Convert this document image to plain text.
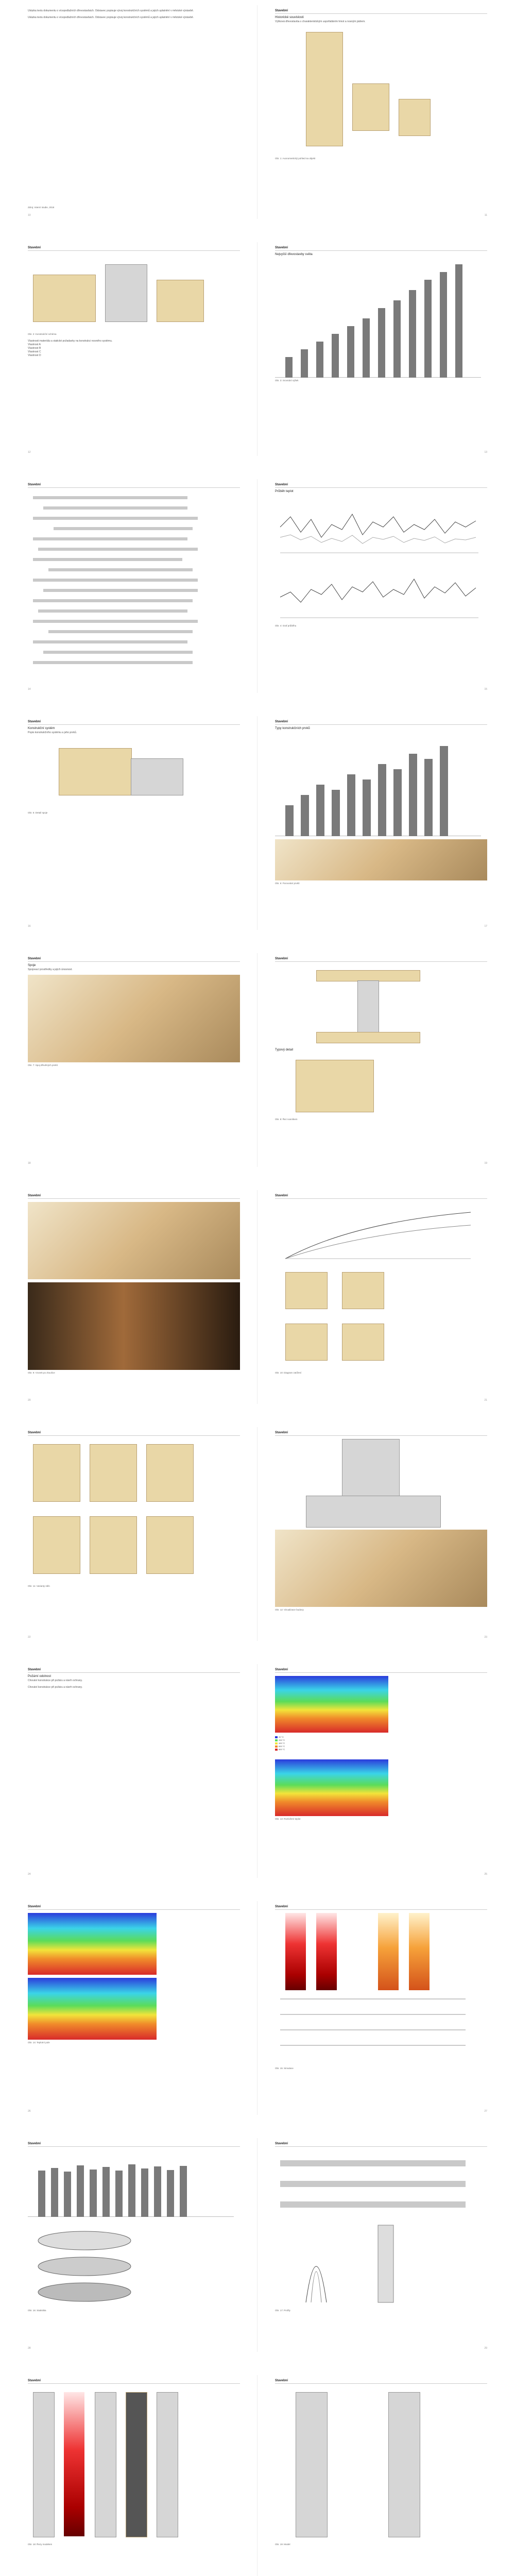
Ukázka textu dokumentu o vícepodlažních dřevostavbách. Odstavec popisuje vývoj konstrukčních systémů a jejich uplatnění v městské výstavbě.
Ukázka textu dokumentu o vícepodlažních dřevostavbách. Odstavec popisuje vývoj konstrukčních systémů a jejich uplatnění v městské výstavbě.
Zdroj: Interní studie, 2018
10
Stavební
Historické souvislosti
Výšková dřevostavba s charakteristickým uspořádáním hmot a nosným jádrem.
Obr. 1: Axonometrický pohled na objekt
11
Stavební
Obr. 2: Konstrukční schéma
Vlastnosti materiálu a statické požadavky na konstrukci nosného systému.
Vlastnost A
Vlastnost B
Vlastnost C
Vlastnost D
12
Stavební
Nejvyšší dřevostavby světa
Obr. 3: Srovnání výšek
13
Stavební
14
Stavební
Průběh teplot
Obr. 4: Graf průběhu
15
Stavební
Konstrukční systém
Popis konstrukčního systému a jeho prvků.
Obr. 5: Detail spoje
16
Stavební
Typy konstrukčních prvků
Obr. 6: Porovnání prvků
17
Stavební
Spoje
Spojovací prostředky a jejich únosnost.
Obr. 7: Spoj dřevěných prvků
18
Stavební
Typový detail
Obr. 8: Řez nosníkem
19
Stavební
Obr. 9: Vzorek po zkoušce
20
Stavební
Obr. 10: Diagram zatížení
21
Stavební
Obr. 11: Varianty stěn
22
Stavební
Obr. 12: Vizualizace budovy
23
Stavební
Požární odolnost
Chování konstrukce při požáru a návrh ochrany.
Chování konstrukce při požáru a návrh ochrany.
24
Stavební
20 °C
200 °C
400 °C
600 °C
800 °C
Obr. 13: Rozložení teplot
25
Stavební
Obr. 14: Teplotní pole
26
Stavební
Obr. 15: Simulace
27
Stavební
Obr. 16: Statistika
28
Stavební
Obr. 17: Profily
29
Stavební
Obr. 18: Řezy modelem
Stavební
Obr. 19: Model
